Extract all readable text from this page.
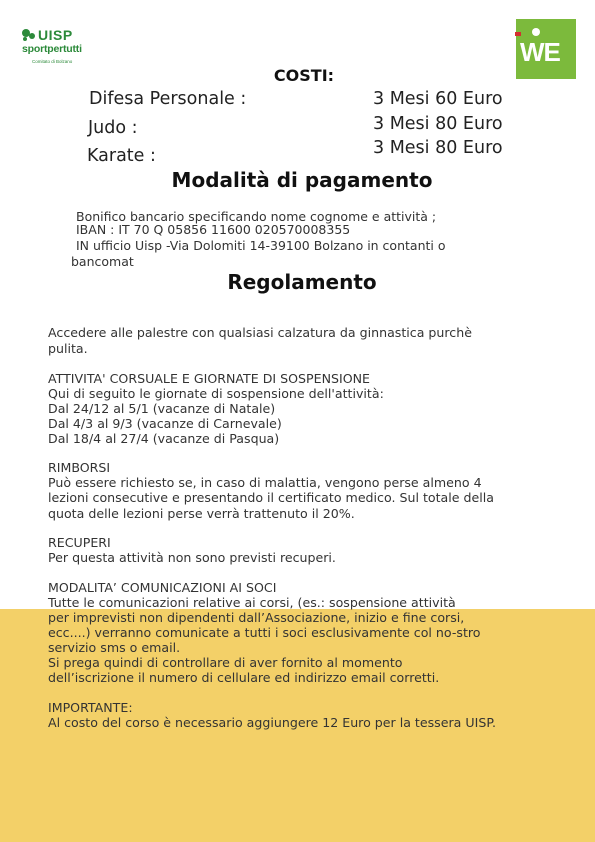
UISP
sportpertutti
Comitato di Bolzano	WE
COSTI:
Difesa Personale :
Judo :
Karate :
3 Mesi 60 Euro
3 Mesi 80 Euro
3 Mesi 80 Euro
Modalità di pagamento
Bonifico bancario specificando nome cognome e attività ;
IBAN : IT 70 Q 05856 11600 020570008355
IN ufficio Uisp -Via Dolomiti 14-39100 Bolzano in contanti o
bancomat
Regolamento
Accedere alle palestre con qualsiasi calzatura da ginnastica purchè
pulita.
ATTIVITA' CORSUALE E GIORNATE DI SOSPENSIONE
Qui di seguito le giornate di sospensione dell'attività:
Dal 24/12 al 5/1 (vacanze di Natale)
Dal 4/3 al 9/3 (vacanze di Carnevale)
Dal 18/4 al 27/4 (vacanze di Pasqua)
RIMBORSI
Può essere richiesto se, in caso di malattia, vengono perse almeno 4
lezioni consecutive e presentando il certificato medico. Sul totale della
quota delle lezioni perse verrà trattenuto il 20%.
RECUPERI
Per questa attività non sono previsti recuperi.
MODALITA’ COMUNICAZIONI AI SOCI
Tutte le comunicazioni relative ai corsi, (es.: sospensione attività
per imprevisti non dipendenti dall’Associazione, inizio e fine corsi,
ecc....) verranno comunicate a tutti i soci esclusivamente col no-stro
servizio sms o email.
Si prega quindi di controllare di aver fornito al momento
dell’iscrizione il numero di cellulare ed indirizzo email corretti.
IMPORTANTE:
Al costo del corso è necessario aggiungere 12 Euro per la tessera UISP.
